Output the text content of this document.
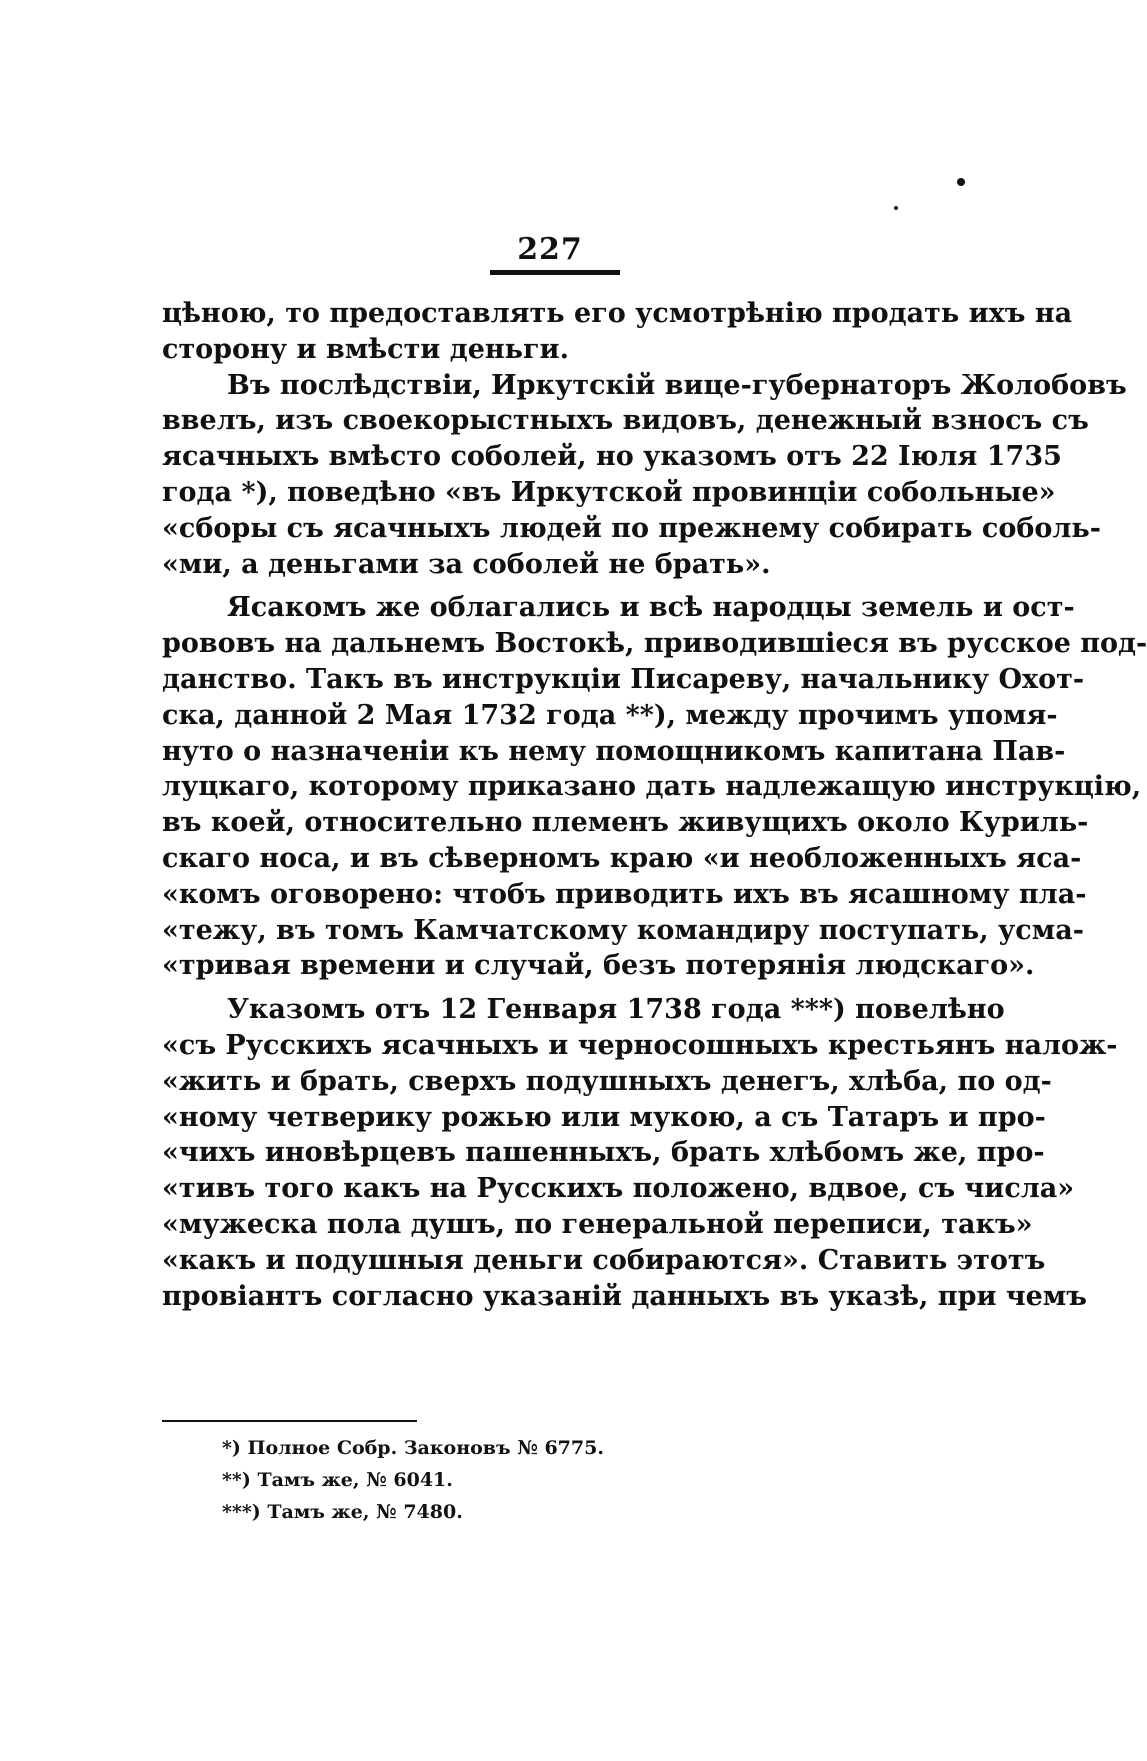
227
цѣною, то предоставлять его усмотрѣнію продать ихъ на
сторону и вмѣсти деньги.
Въ послѣдствіи, Иркутскій вице-губернаторъ Жолобовъ
ввелъ, изъ своекорыстныхъ видовъ, денежный взносъ съ
ясачныхъ вмѣсто соболей, но указомъ отъ 22 Іюля 1735
года *), поведѣно «въ Иркутской провинціи собольные»
«сборы съ ясачныхъ людей по прежнему собирать соболь-
«ми, а деньгами за соболей не брать».
Ясакомъ же облагались и всѣ народцы земель и ост-
рововъ на дальнемъ Востокѣ, приводившіеся въ русское под-
данство. Такъ въ инструкціи Писареву, начальнику Охот-
ска, данной 2 Мая 1732 года **), между прочимъ упомя-
нуто о назначеніи къ нему помощникомъ капитана Пав-
луцкаго, которому приказано дать надлежащую инструкцію,
въ коей, относительно племенъ живущихъ около Куриль-
скаго носа, и въ сѣверномъ краю «и необложенныхъ яса-
«комъ оговорено: чтобъ приводить ихъ въ ясашному пла-
«тежу, въ томъ Камчатскому командиру поступать, усма-
«тривая времени и случай, безъ потерянія людскаго».
Указомъ отъ 12 Генваря 1738 года ***) повелѣно
«съ Русскихъ ясачныхъ и черносошныхъ крестьянъ налож-
«жить и брать, сверхъ подушныхъ денегъ, хлѣба, по од-
«ному четверику рожью или мукою, а съ Татаръ и про-
«чихъ иновѣрцевъ пашенныхъ, брать хлѣбомъ же, про-
«тивъ того какъ на Русскихъ положено, вдвое, съ числа»
«мужеска пола душъ, по генеральной переписи, такъ»
«какъ и подушныя деньги собираются». Ставить этотъ
провіантъ согласно указаній данныхъ въ указѣ, при чемъ
*) Полное Собр. Законовъ № 6775.
**) Тамъ же, № 6041.
***) Тамъ же, № 7480.
